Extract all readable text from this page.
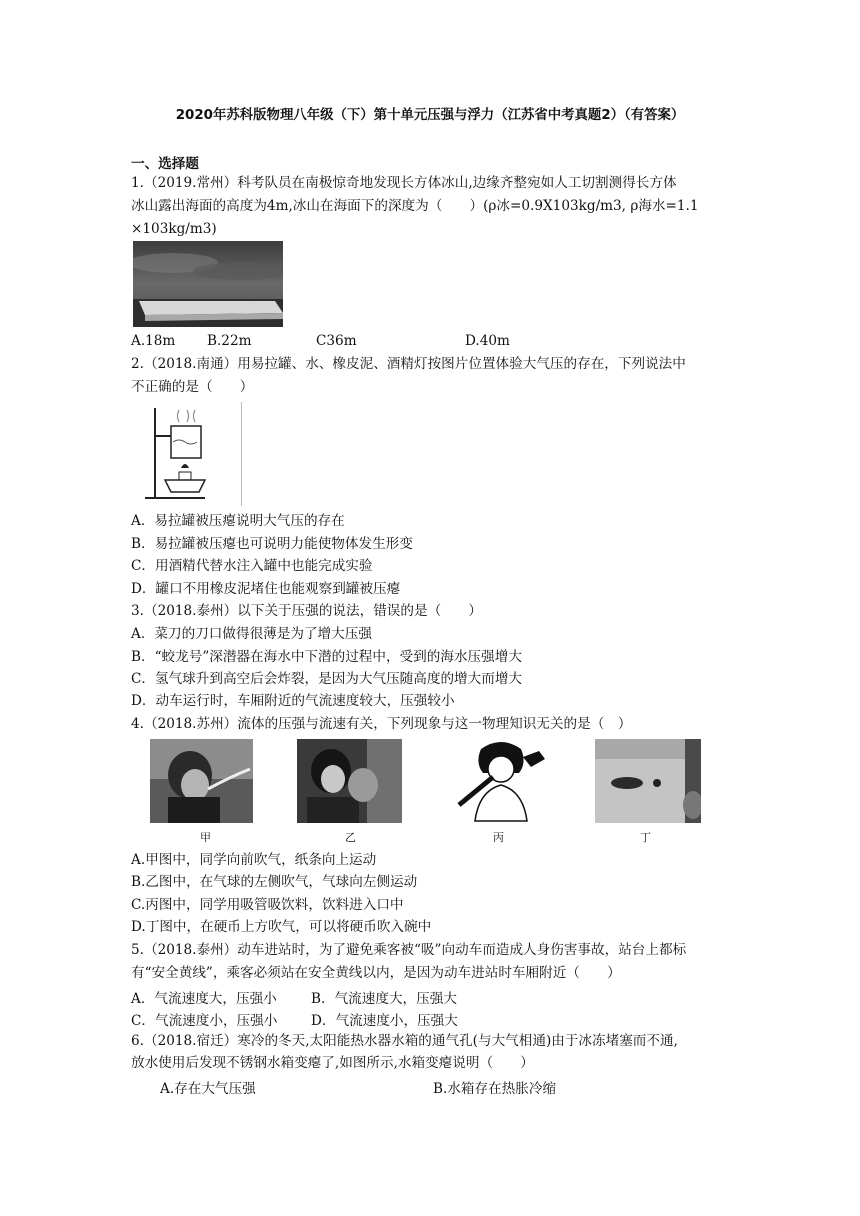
2020年苏科版物理八年级（下）第十单元压强与浮力（江苏省中考真题2）（有答案）
一、选择题
1.（2019.常州）科考队员在南极惊奇地发现长方体冰山,边缘齐整宛如人工切割测得长方体
冰山露出海面的高度为4m,冰山在海面下的深度为（　　）(ρ冰=0.9X103kg/m3, ρ海水=1.1
×103kg/m3)
A.18m B.22m	C36m	D.40m
2.（2018.南通）用易拉罐、水、橡皮泥、酒精灯按图片位置体验大气压的存在，下列说法中
不正确的是（　　）
A．易拉罐被压瘪说明大气压的存在
B．易拉罐被压瘪也可说明力能使物体发生形变
C．用酒精代替水注入罐中也能完成实验
D．罐口不用橡皮泥堵住也能观察到罐被压瘪
3.（2018.泰州）以下关于压强的说法，错误的是（　　）
A．菜刀的刀口做得很薄是为了增大压强
B．“蛟龙号”深潜器在海水中下潜的过程中，受到的海水压强增大
C．氢气球升到高空后会炸裂，是因为大气压随高度的增大而增大
D．动车运行时，车厢附近的气流速度较大，压强较小
4.（2018.苏州）流体的压强与流速有关，下列现象与这一物理知识无关的是（　）
甲	乙	丙	丁
A.甲图中，同学向前吹气，纸条向上运动
B.乙图中，在气球的左侧吹气，气球向左侧运动
C.丙图中，同学用吸管吸饮料，饮料进入口中
D.丁图中，在硬币上方吹气，可以将硬币吹入碗中
5.（2018.泰州）动车进站时，为了避免乘客被“吸”向动车而造成人身伤害事故，站台上都标
有“安全黄线”，乘客必须站在安全黄线以内，是因为动车进站时车厢附近（　　）
A．气流速度大，压强小	B．气流速度大，压强大
C．气流速度小，压强小 D．气流速度小，压强大
6.（2018.宿迁）寒冷的冬天,太阳能热水器水箱的通气孔(与大气相通)由于冰冻堵塞而不通,
放水使用后发现不锈钢水箱变瘪了,如图所示,水箱变瘪说明（　　）
A.存在大气压强	B.水箱存在热胀冷缩
